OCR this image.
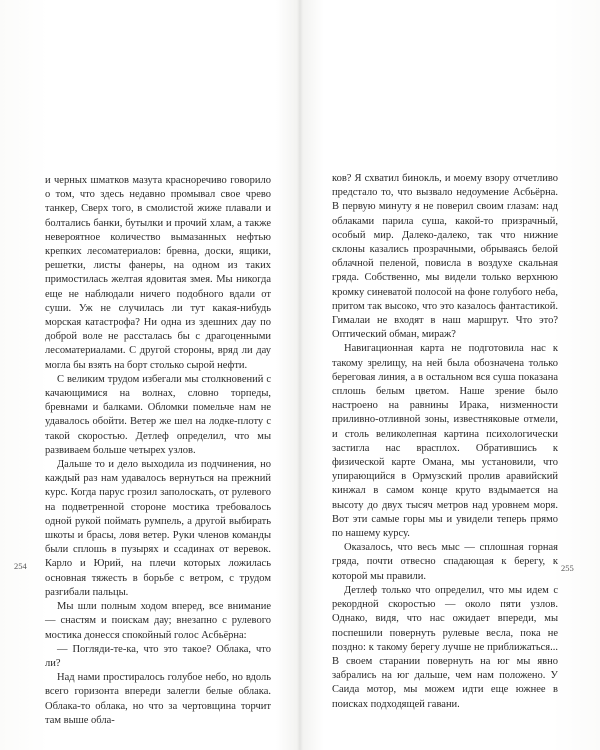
и черных шматков мазута красноречиво говорило о том, что здесь недавно промывал свое чрево танкер, Сверх того, в смолистой жиже плавали и болтались банки, бутылки и прочий хлам, а также невероятное количество вымазанных нефтью крепких лесоматериалов: бревна, доски, ящики, решетки, листы фанеры, на одном из таких примостилась желтая ядовитая змея. Мы никогда еще не наблюдали ничего подобного вдали от суши. Уж не случилась ли тут какая-нибудь морская катастрофа? Ни одна из здешних дау по доброй воле не рассталась бы с драгоценными лесоматериалами. С другой стороны, вряд ли дау могла бы взять на борт столько сырой нефти.

С великим трудом избегали мы столкновений с качающимися на волнах, словно торпеды, бревнами и балками. Обломки помельче нам не удавалось обойти. Ветер же шел на лодке-плоту с такой скоростью. Детлеф определил, что мы развиваем больше четырех узлов.

Дальше то и дело выходила из подчинения, но каждый раз нам удавалось вернуться на прежний курс. Когда парус грозил заполоскать, от рулевого на подветренной стороне мостика требовалось одной рукой поймать румпель, а другой выбирать шкоты и брасы, ловя ветер. Руки членов команды были сплошь в пузырях и ссадинах от веревок. Карло и Юрий, на плечи которых ложилась основная тяжесть в борьбе с ветром, с трудом разгибали пальцы.

Мы шли полным ходом вперед, все внимание — снастям и поискам дау; внезапно с рулевого мостика донесся спокойный голос Асбьёрна:

— Погляди-те-ка, что это такое? Облака, что ли?

Над нами простиралось голубое небо, но вдоль всего горизонта впереди залегли белые облака. Облака-то облака, но что за чертовщина торчит там выше обла-

254

ков? Я схватил бинокль, и моему взору отчетливо предстало то, что вызвало недоумение Асбьёрна. В первую минуту я не поверил своим глазам: над облаками парила суша, какой-то призрачный, особый мир. Далеко-далеко, так что нижние склоны казались прозрачными, обрываясь белой облачной пеленой, повисла в воздухе скальная гряда. Собственно, мы видели только верхнюю кромку синеватой полосой на фоне голубого неба, притом так высоко, что это казалось фантастикой. Гималаи не входят в наш маршрут. Что это? Оптический обман, мираж?

Навигационная карта не подготовила нас к такому зрелищу, на ней была обозначена только береговая линия, а в остальном вся суша показана сплошь белым цветом. Наше зрение было настроено на равнины Ирака, низменности приливно-отливной зоны, известняковые отмели, и столь великолепная картина психологически застигла нас врасплох. Обратившись к физической карте Омана, мы установили, что упирающийся в Ормузский пролив аравийский кинжал в самом конце круто вздымается на высоту до двух тысяч метров над уровнем моря. Вот эти самые горы мы и увидели теперь прямо по нашему курсу.

Оказалось, что весь мыс — сплошная горная гряда, почти отвесно спадающая к берегу, к которой мы правили.

Детлеф только что определил, что мы идем с рекордной скоростью — около пяти узлов. Однако, видя, что нас ожидает впереди, мы поспешили повернуть рулевые весла, пока не поздно: к такому берегу лучше не приближаться... В своем старании повернуть на юг мы явно забрались на юг дальше, чем нам положено. У Саида мотор, мы можем идти еще южнее в поисках подходящей гавани.

255
